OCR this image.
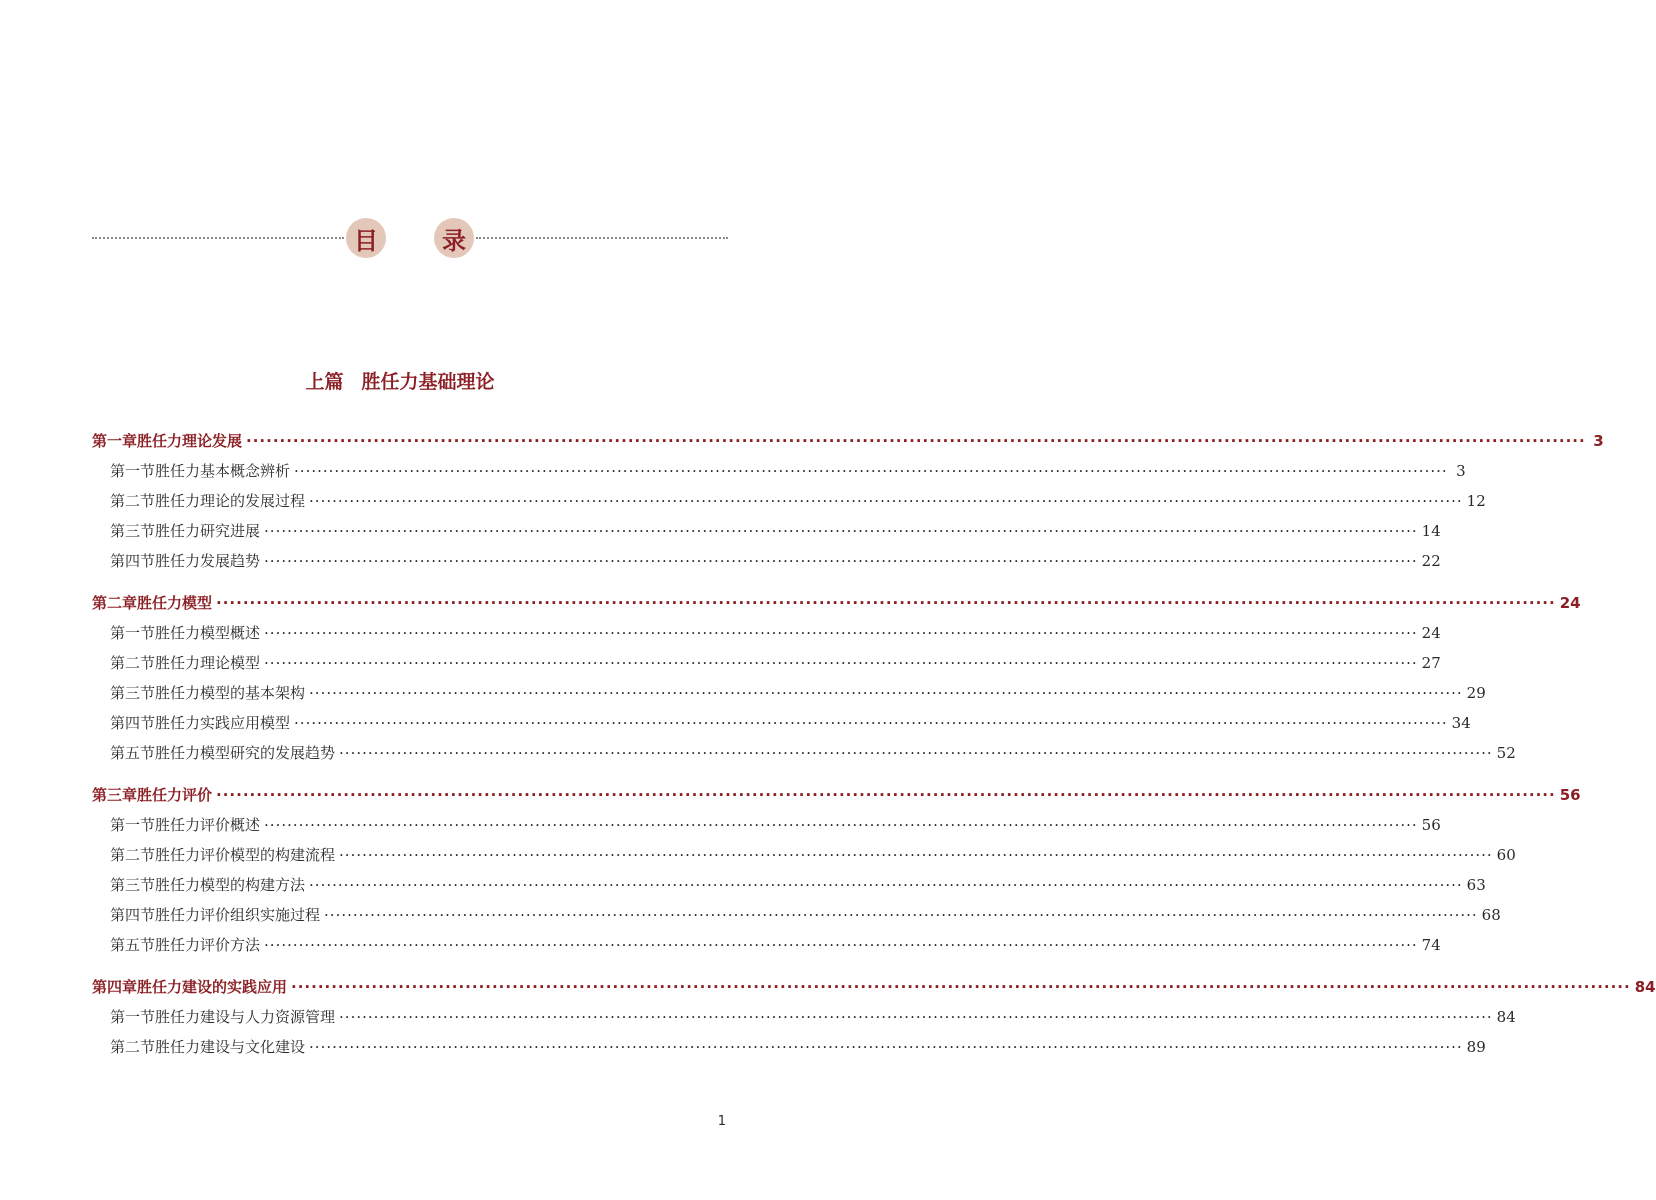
目	录
上篇 胜任力基础理论
第一章 胜任力理论发展 ········································································································································································································ 3
第一节 胜任力基本概念辨析 ········································································································································································································ 3
第二节 胜任力理论的发展过程 ········································································································································································································ 12
第三节 胜任力研究进展 ········································································································································································································ 14
第四节 胜任力发展趋势 ········································································································································································································ 22
第二章 胜任力模型 ········································································································································································································ 24
第一节 胜任力模型概述 ········································································································································································································ 24
第二节 胜任力理论模型 ········································································································································································································ 27
第三节 胜任力模型的基本架构 ········································································································································································································ 29
第四节 胜任力实践应用模型 ········································································································································································································ 34
第五节 胜任力模型研究的发展趋势 ········································································································································································································ 52
第三章 胜任力评价 ········································································································································································································ 56
第一节 胜任力评价概述 ········································································································································································································ 56
第二节 胜任力评价模型的构建流程 ········································································································································································································ 60
第三节 胜任力模型的构建方法 ········································································································································································································ 63
第四节 胜任力评价组织实施过程 ········································································································································································································ 68
第五节 胜任力评价方法 ········································································································································································································ 74
第四章 胜任力建设的实践应用 ········································································································································································································ 84
第一节 胜任力建设与人力资源管理 ········································································································································································································ 84
第二节 胜任力建设与文化建设 ········································································································································································································ 89
1
